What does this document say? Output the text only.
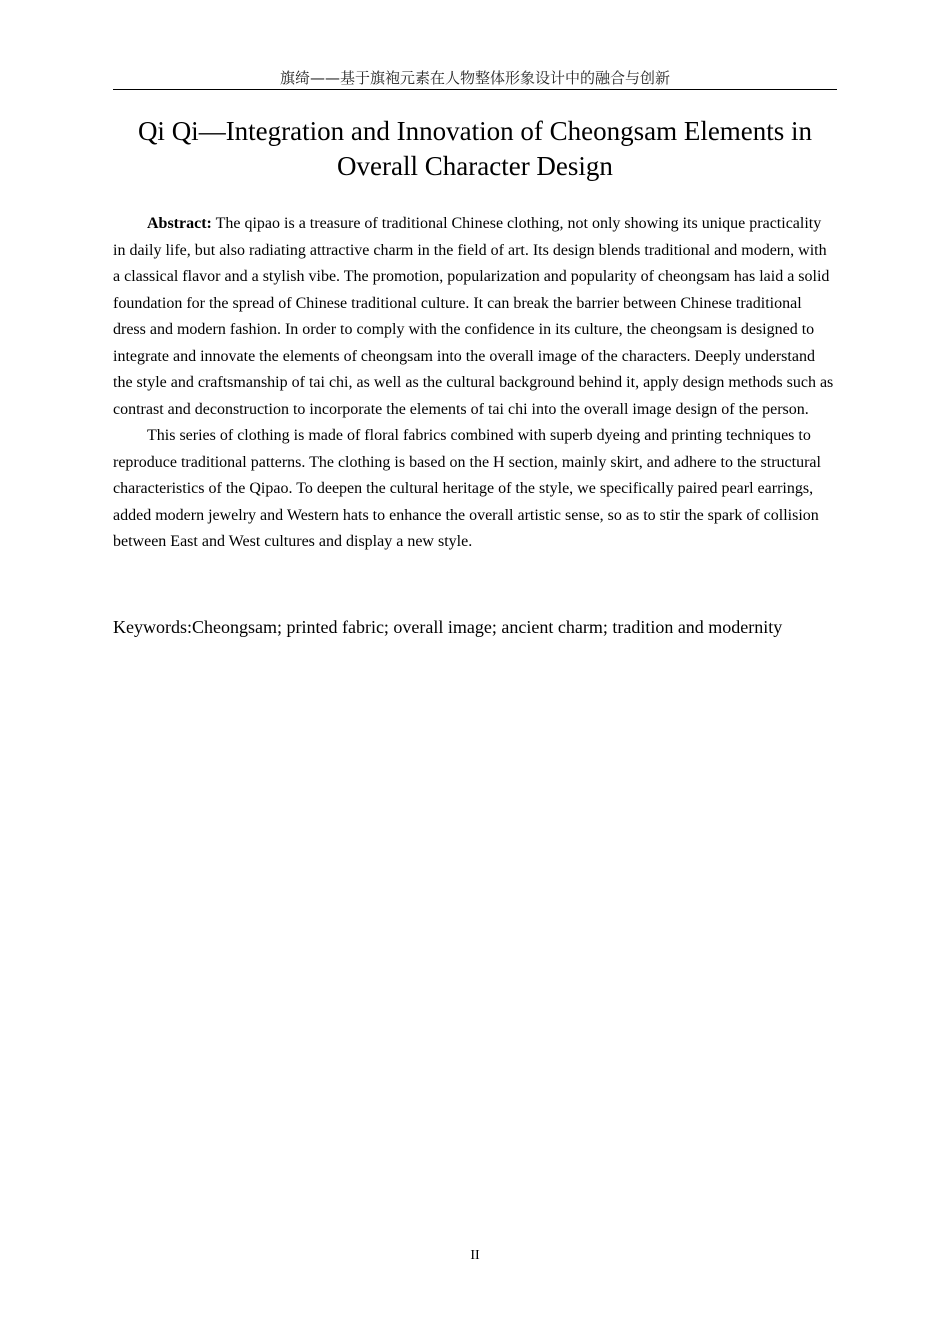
旗绮——基于旗袍元素在人物整体形象设计中的融合与创新
Qi Qi—Integration and Innovation of Cheongsam Elements in
Overall Character Design

Abstract: The qipao is a treasure of traditional Chinese clothing, not only showing its unique practicality in daily life, but also radiating attractive charm in the field of art. Its design blends traditional and modern, with a classical flavor and a stylish vibe. The promotion, popularization and popularity of cheongsam has laid a solid foundation for the spread of Chinese traditional culture. It can break the barrier between Chinese traditional dress and modern fashion. In order to comply with the confidence in its culture, the cheongsam is designed to integrate and innovate the elements of cheongsam into the overall image of the characters. Deeply understand the style and craftsmanship of tai chi, as well as the cultural background behind it, apply design methods such as contrast and deconstruction to incorporate the elements of tai chi into the overall image design of the person.

This series of clothing is made of floral fabrics combined with superb dyeing and printing techniques to reproduce traditional patterns. The clothing is based on the H section, mainly skirt, and adhere to the structural characteristics of the Qipao. To deepen the cultural heritage of the style, we specifically paired pearl earrings, added modern jewelry and Western hats to enhance the overall artistic sense, so as to stir the spark of collision between East and West cultures and display a new style.

Keywords:Cheongsam; printed fabric; overall image; ancient charm; tradition and modernity
II
